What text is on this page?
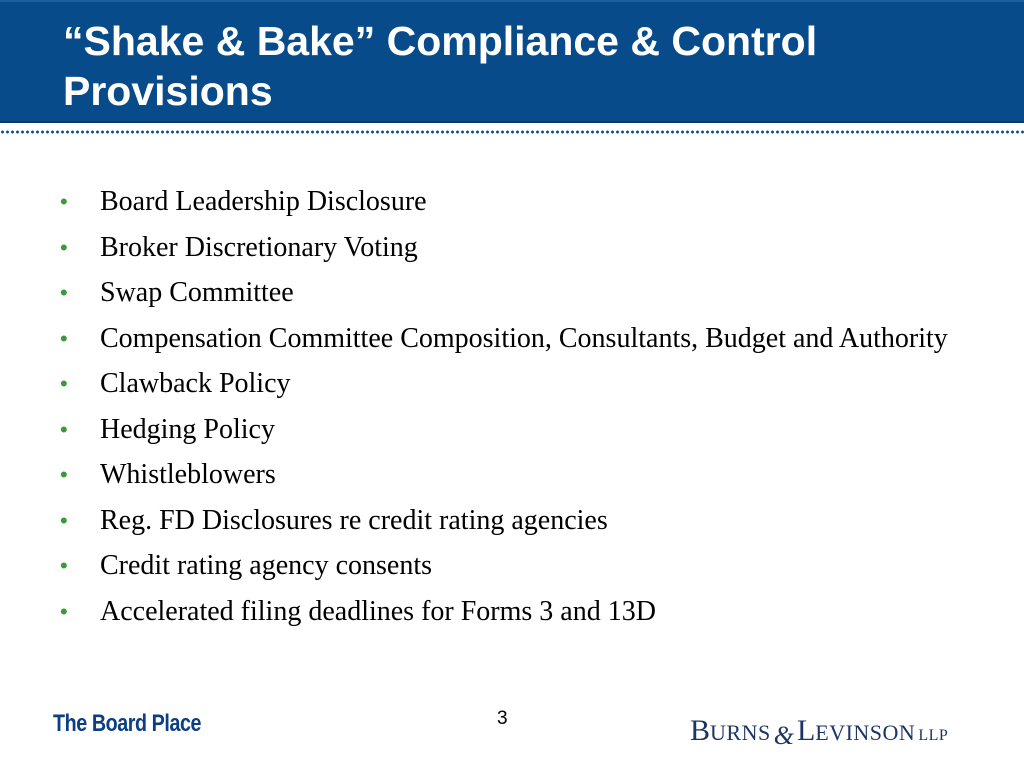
“Shake & Bake” Compliance & Control Provisions
• Board Leadership Disclosure
• Broker Discretionary Voting
• Swap Committee
• Compensation Committee Composition, Consultants, Budget and Authority
• Clawback Policy
• Hedging Policy
• Whistleblowers
• Reg. FD Disclosures re credit rating agencies
• Credit rating agency consents
• Accelerated filing deadlines for Forms 3 and 13D
The Board Place	3	BURNS & LEVINSON LLP
